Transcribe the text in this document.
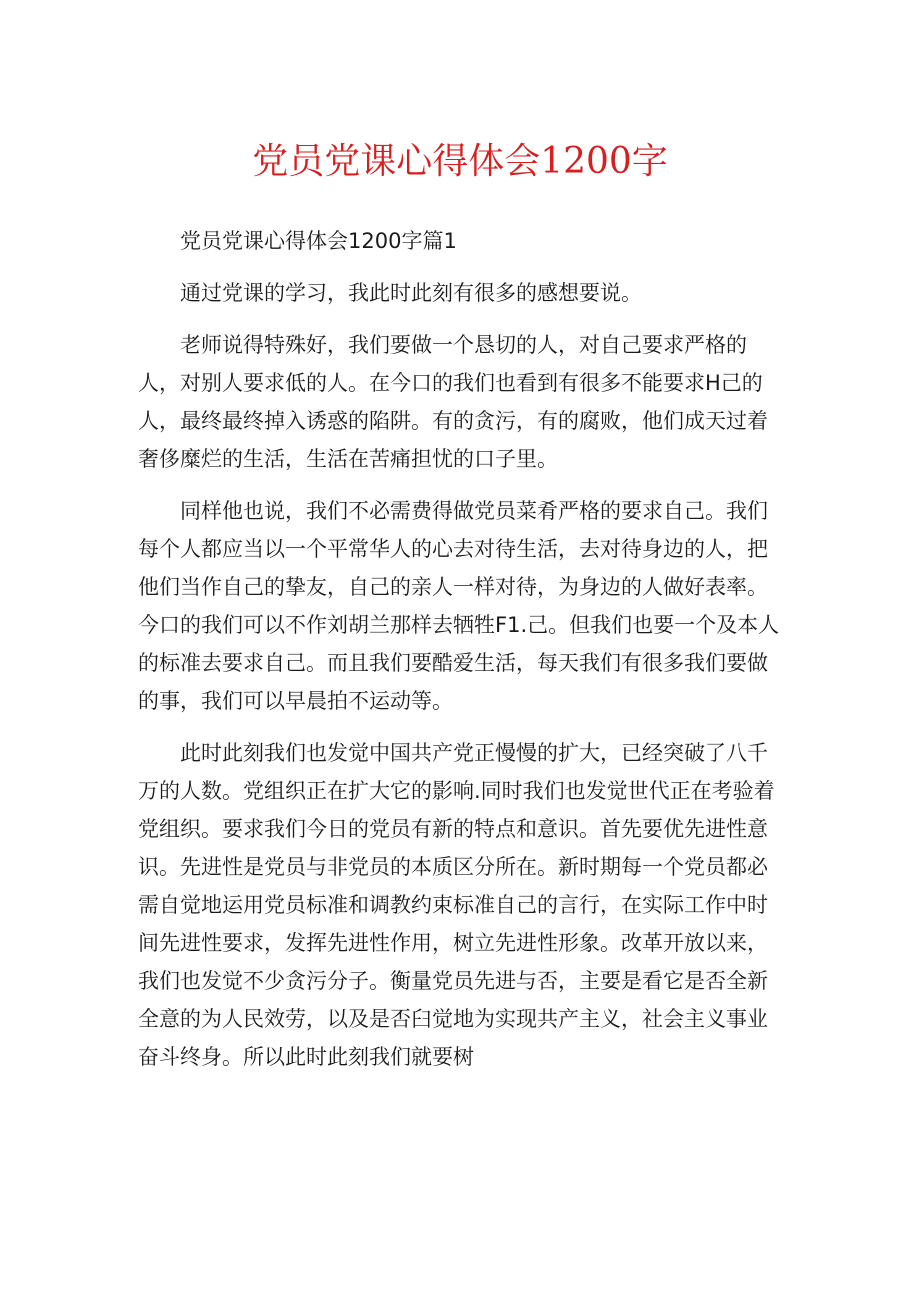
党员党课心得体会1200字

党员党课心得体会1200字篇1

通过党课的学习，我此时此刻有很多的感想要说。

老师说得特殊好，我们要做一个恳切的人，对自己要求严格的人，对别人要求低的人。在今口的我们也看到有很多不能要求H己的人，最终最终掉入诱惑的陷阱。有的贪污，有的腐败，他们成天过着奢侈糜烂的生活，生活在苦痛担忧的口子里。

同样他也说，我们不必需费得做党员菜肴严格的要求自己。我们每个人都应当以一个平常华人的心去对待生活，去对待身边的人，把他们当作自己的挚友，自己的亲人一样对待，为身边的人做好表率。今口的我们可以不作刘胡兰那样去牺牲F1.己。但我们也要一个及本人的标准去要求自己。而且我们要酷爱生活，每天我们有很多我们要做的事，我们可以早晨拍不运动等。

此时此刻我们也发觉中国共产党正慢慢的扩大，已经突破了八千万的人数。党组织正在扩大它的影响.同时我们也发觉世代正在考验着党组织。要求我们今日的党员有新的特点和意识。首先要优先进性意识。先进性是党员与非党员的本质区分所在。新时期每一个党员都必需自觉地运用党员标准和调教约束标准自己的言行，在实际工作中时间先进性要求，发挥先进性作用，树立先进性形象。改革开放以来，我们也发觉不少贪污分子。衡量党员先进与否，主要是看它是否全新全意的为人民效劳，以及是否臼觉地为实现共产主义，社会主义事业奋斗终身。所以此时此刻我们就要树
